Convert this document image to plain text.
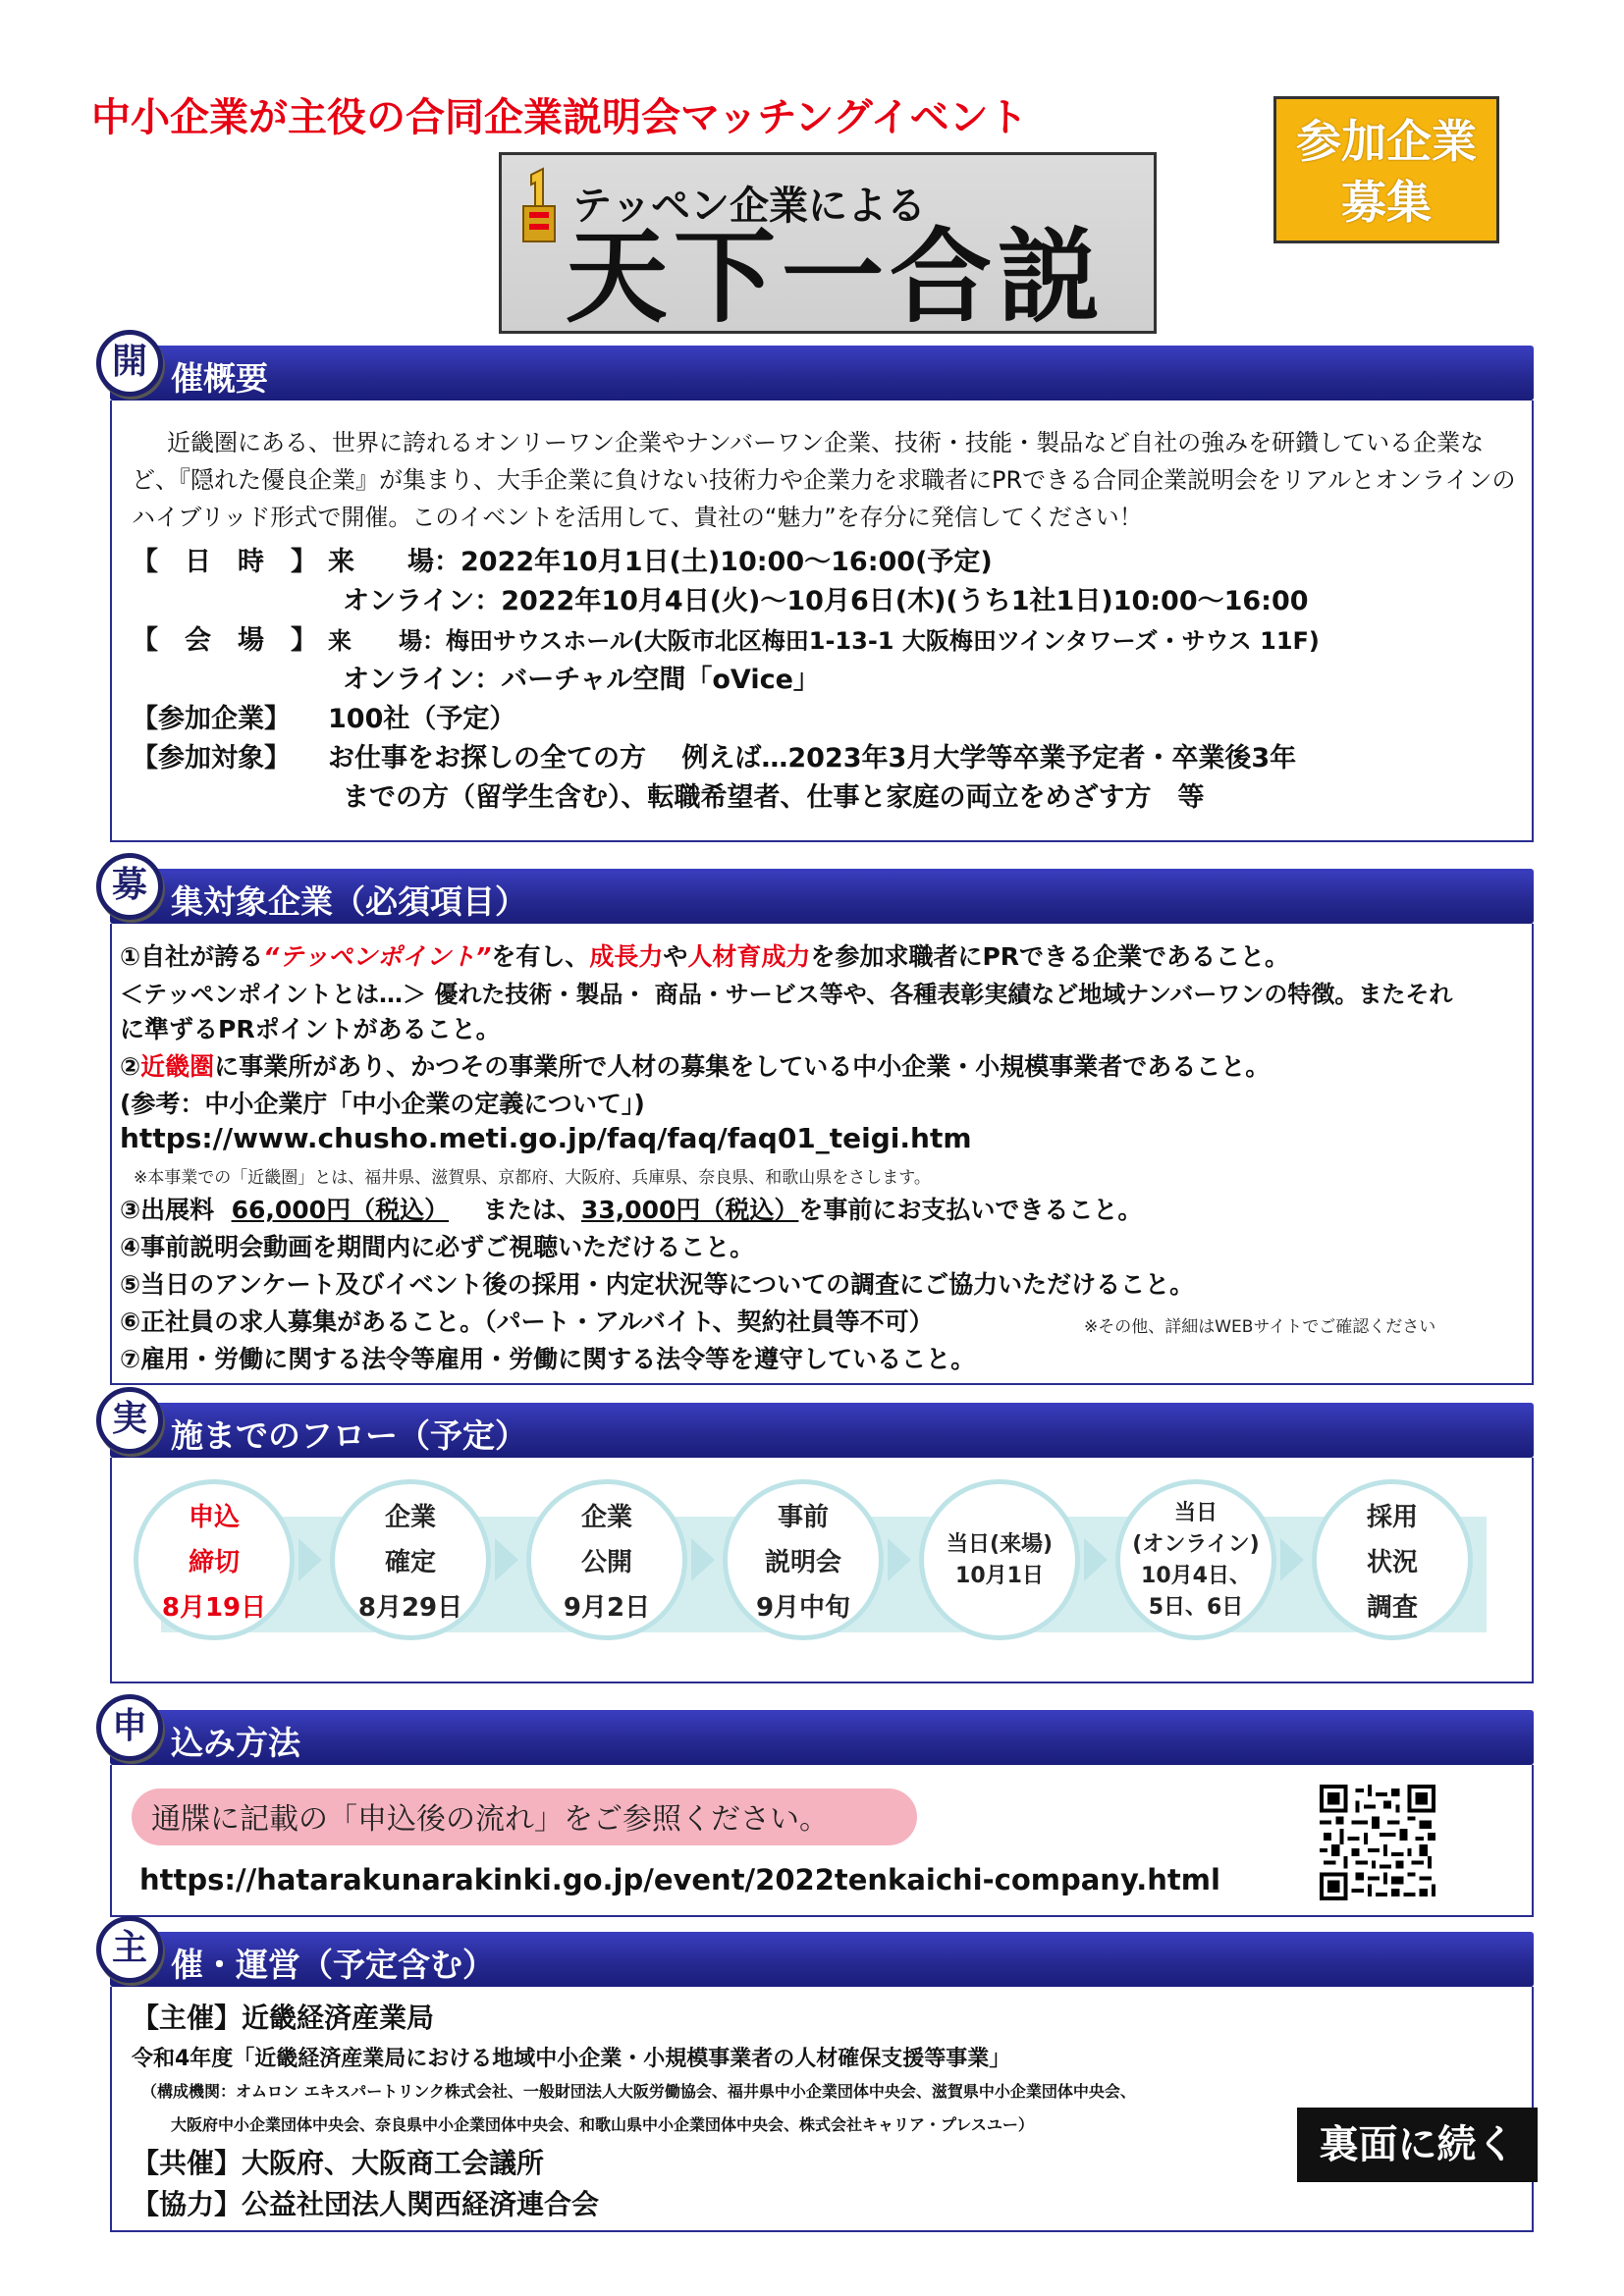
中小企業が主役の合同企業説明会マッチングイベント
テッペン企業による
天下一合説
参加企業
募集
開 催概要
近畿圏にある、世界に誇れるオンリーワン企業やナンバーワン企業、技術・技能・製品など自社の強みを研鑽している企業など、『隠れた優良企業』が集まり、大手企業に負けない技術力や企業力を求職者にPRできる合同企業説明会をリアルとオンラインのハイブリッド形式で開催。このイベントを活用して、貴社の“魅力”を存分に発信してください！
【　日　時　】 来　　場：2022年10月1日(土)10:00～16:00(予定)
オンライン：2022年10月4日(火)～10月6日(木)(うち1社1日)10:00～16:00
【　会　場　】 来　　場：梅田サウスホール(大阪市北区梅田1-13-1 大阪梅田ツインタワーズ・サウス 11F)
オンライン：バーチャル空間「oVice」
【参加企業】 100社（予定）
【参加対象】 お仕事をお探しの全ての方　 例えば…2023年3月大学等卒業予定者・卒業後3年
までの方（留学生含む）、転職希望者、仕事と家庭の両立をめざす方　等
募 集対象企業（必須項目）
①自社が誇る“テッペンポイント”を有し、成長力や人材育成力を参加求職者にPRできる企業であること。
＜テッペンポイントとは…＞ 優れた技術・製品・ 商品・サービス等や、各種表彰実績など地域ナンバーワンの特徴。またそれ
に準ずるPRポイントがあること。
②近畿圏に事業所があり、かつその事業所で人材の募集をしている中小企業・小規模事業者であること。
(参考：中小企業庁「中小企業の定義について」)
https://www.chusho.meti.go.jp/faq/faq/faq01_teigi.htm
※本事業での「近畿圏」とは、福井県、滋賀県、京都府、大阪府、兵庫県、奈良県、和歌山県をさします。
③出展料 66,000円（税込） または、33,000円（税込）を事前にお支払いできること。
④事前説明会動画を期間内に必ずご視聴いただけること。
⑤当日のアンケート及びイベント後の採用・内定状況等についての調査にご協力いただけること。
⑥正社員の求人募集があること。（パート・アルバイト、契約社員等不可）
⑦雇用・労働に関する法令等雇用・労働に関する法令等を遵守していること。
※その他、詳細はWEBサイトでご確認ください
実 施までのフロー（予定）
申込
締切
8月19日
企業
確定
8月29日
企業
公開
9月2日
事前
説明会
9月中旬
当日(来場)
10月1日
当日
(オンライン)
10月4日、
5日、6日
採用
状況
調査
申 込み方法
通牒に記載の「申込後の流れ」をご参照ください。
https://hatarakunarakinki.go.jp/event/2022tenkaichi-company.html
主 催・運営（予定含む）
【主催】近畿経済産業局
令和4年度「近畿経済産業局における地域中小企業・小規模事業者の人材確保支援等事業」
（構成機関：オムロン エキスパートリンク株式会社、一般財団法人大阪労働協会、福井県中小企業団体中央会、滋賀県中小企業団体中央会、
大阪府中小企業団体中央会、奈良県中小企業団体中央会、和歌山県中小企業団体中央会、株式会社キャリア・プレスユー）
【共催】大阪府、大阪商工会議所
【協力】公益社団法人関西経済連合会
裏面に続く
